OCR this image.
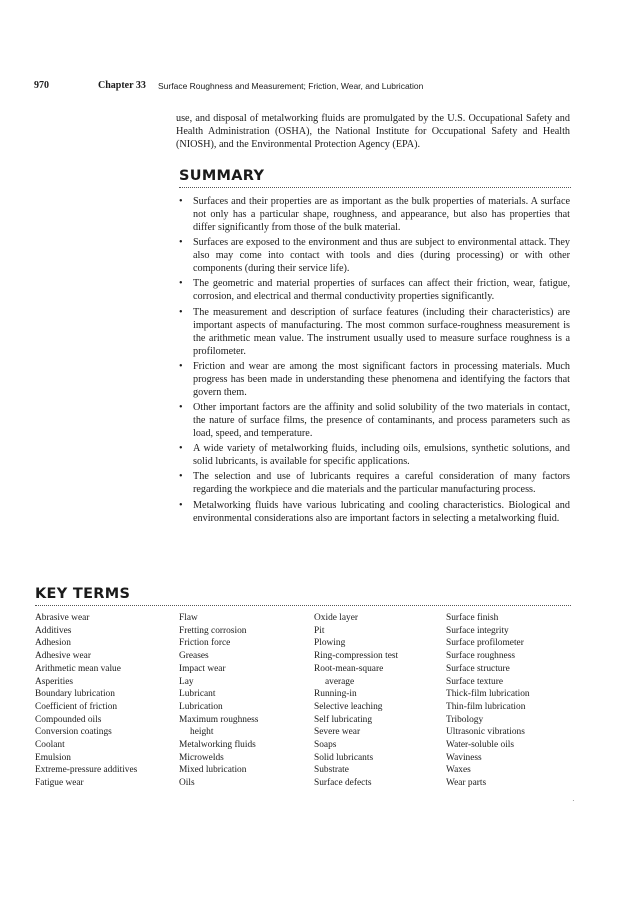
970	Chapter 33 Surface Roughness and Measurement; Friction, Wear, and Lubrication

use, and disposal of metalworking fluids are promulgated by the U.S. Occupational Safety and Health Administration (OSHA), the National Institute for Occupational Safety and Health (NIOSH), and the Environmental Protection Agency (EPA).

SUMMARY
• Surfaces and their properties are as important as the bulk properties of materials. A surface not only has a particular shape, roughness, and appearance, but also has properties that differ significantly from those of the bulk material.
• Surfaces are exposed to the environment and thus are subject to environmental attack. They also may come into contact with tools and dies (during processing) or with other components (during their service life).
• The geometric and material properties of surfaces can affect their friction, wear, fatigue, corrosion, and electrical and thermal conductivity properties significantly.
• The measurement and description of surface features (including their characteristics) are important aspects of manufacturing. The most common surface-roughness measurement is the arithmetic mean value. The instrument usually used to measure surface roughness is a profilometer.
• Friction and wear are among the most significant factors in processing materials. Much progress has been made in understanding these phenomena and identifying the factors that govern them.
• Other important factors are the affinity and solid solubility of the two materials in contact, the nature of surface films, the presence of contaminants, and process parameters such as load, speed, and temperature.
• A wide variety of metalworking fluids, including oils, emulsions, synthetic solutions, and solid lubricants, is available for specific applications.
• The selection and use of lubricants requires a careful consideration of many factors regarding the workpiece and die materials and the particular manufacturing process.
• Metalworking fluids have various lubricating and cooling characteristics. Biological and environmental considerations also are important factors in selecting a metalworking fluid.
KEY TERMS
Abrasive wear
Additives
Adhesion
Adhesive wear
Arithmetic mean value
Asperities
Boundary lubrication
Coefficient of friction
Compounded oils
Conversion coatings
Coolant
Emulsion
Extreme-pressure additives
Fatigue wear
Flaw
Fretting corrosion
Friction force
Greases
Impact wear
Lay
Lubricant
Lubrication
Maximum roughness
height
Metalworking fluids
Microwelds
Mixed lubrication
Oils
Oxide layer
Pit
Plowing
Ring-compression test
Root-mean-square
average
Running-in
Selective leaching
Self lubricating
Severe wear
Soaps
Solid lubricants
Substrate
Surface defects
Surface finish
Surface integrity
Surface profilometer
Surface roughness
Surface structure
Surface texture
Thick-film lubrication
Thin-film lubrication
Tribology
Ultrasonic vibrations
Water-soluble oils
Waviness
Waxes
Wear parts
·
